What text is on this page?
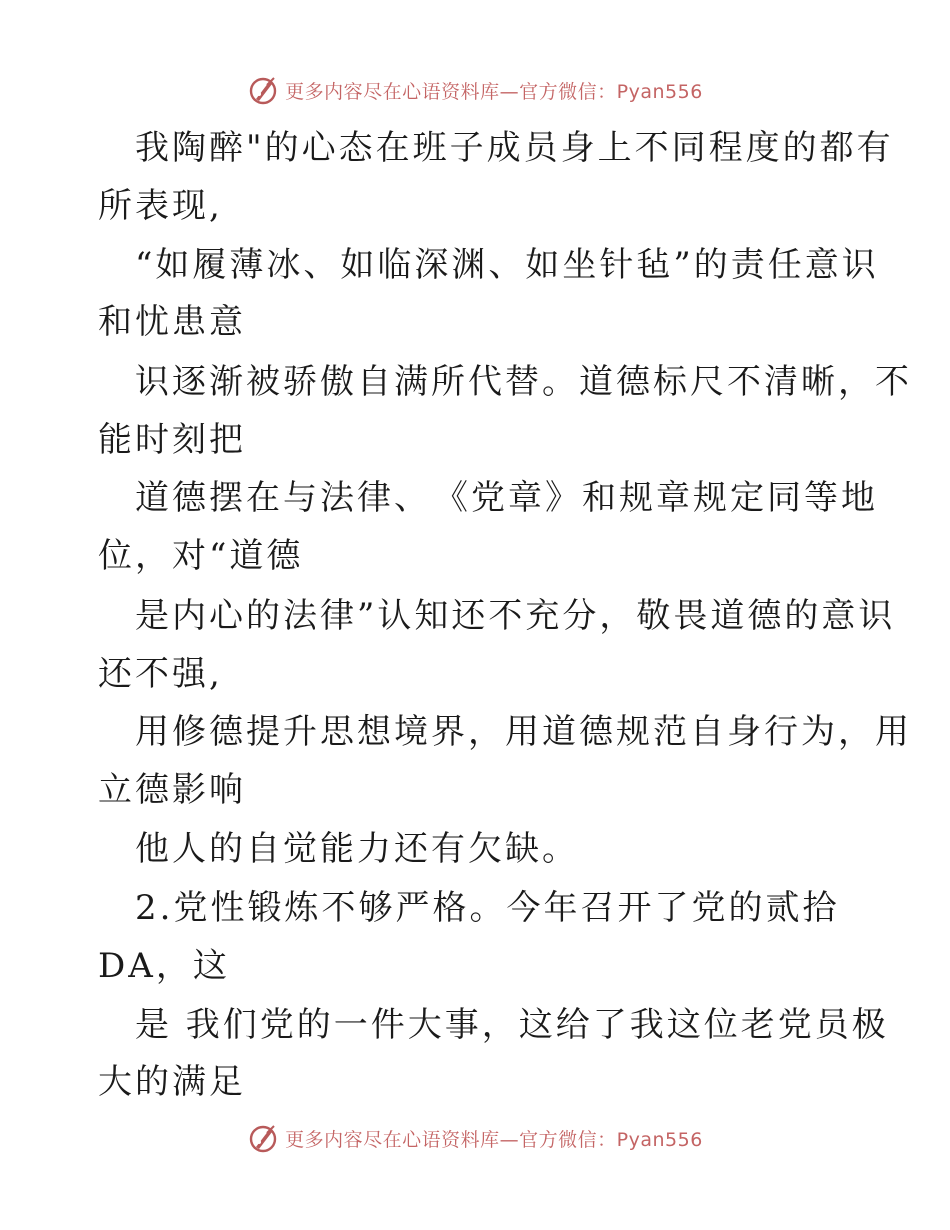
更多内容尽在心语资料库—官方微信：Pyan556
　我陶醉"的心态在班子成员身上不同程度的都有
所表现,
　“如履薄冰、如临深渊、如坐针毡”的责任意识
和忧患意
　识逐渐被骄傲自满所代替。道德标尺不清晰，不
能时刻把
　道德摆在与法律、　《党章》和规章规定同等地
位，对“道德
　是内心的法律”认知还不充分，敬畏道德的意识
还不强,
　用修德提升思想境界，用道德规范自身行为，用
立德影响
　他人的自觉能力还有欠缺。
　2.党性锻炼不够严格。今年召开了党的贰拾
DA，这
　是 我们党的一件大事，这给了我这位老党员极
大的满足
更多内容尽在心语资料库—官方微信：Pyan556
